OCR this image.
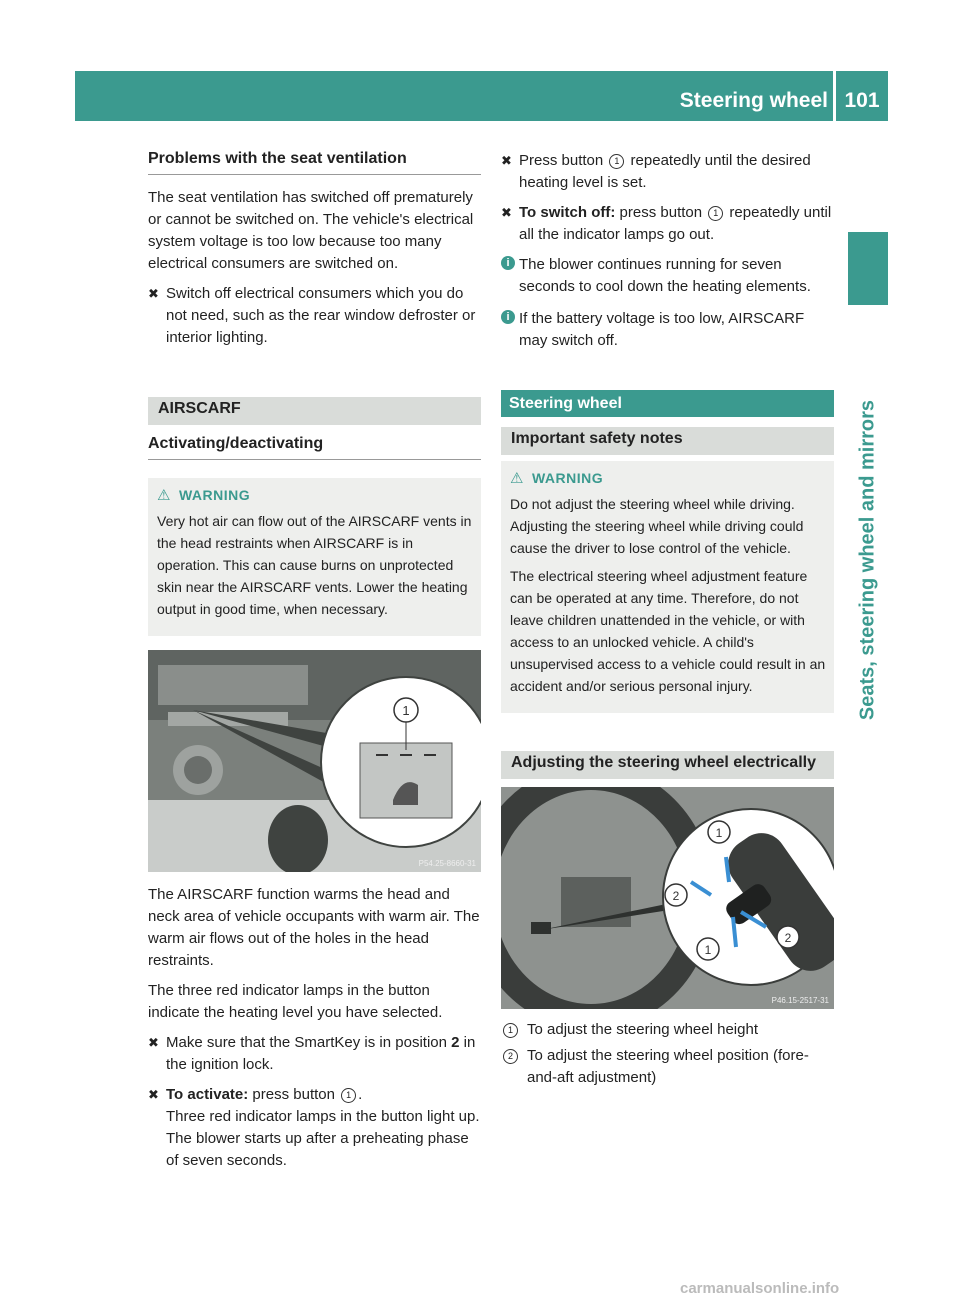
Steering wheel 101
Seats, steering wheel and mirrors
Problems with the seat ventilation

The seat ventilation has switched off prematurely or cannot be switched on. The vehicle's electrical system voltage is too low because too many electrical consumers are switched on.

✖ Switch off electrical consumers which you do not need, such as the rear window defroster or interior lighting.
AIRSCARF
Activating/deactivating
⚠ WARNING

Very hot air can flow out of the AIRSCARF vents in the head restraints when AIRSCARF is in operation. This can cause burns on unprotected skin near the AIRSCARF vents. Lower the heating output in good time, when necessary.

1
P54.25-8660-31

The AIRSCARF function warms the head and neck area of vehicle occupants with warm air. The warm air flows out of the holes in the head restraints.

The three red indicator lamps in the button indicate the heating level you have selected.

✖ Make sure that the SmartKey is in position 2 in the ignition lock.
✖ To activate: press button 1 .
Three red indicator lamps in the button light up. The blower starts up after a preheating phase of seven seconds.
✖ Press button 1 repeatedly until the desired heating level is set.
✖ To switch off: press button 1 repeatedly until all the indicator lamps go out.
i The blower continues running for seven seconds to cool down the heating elements.
i If the battery voltage is too low, AIRSCARF may switch off.
Steering wheel
Important safety notes
⚠ WARNING

Do not adjust the steering wheel while driving. Adjusting the steering wheel while driving could cause the driver to lose control of the vehicle.

The electrical steering wheel adjustment feature can be operated at any time. Therefore, do not leave children unattended in the vehicle, or with access to an unlocked vehicle. A child's unsupervised access to a vehicle could result in an accident and/or serious personal injury.

Adjusting the steering wheel electrically
1
2
1
2
P46.15-2517-31
1 To adjust the steering wheel height
2 To adjust the steering wheel position (fore-and-aft adjustment)
carmanualsonline.info
